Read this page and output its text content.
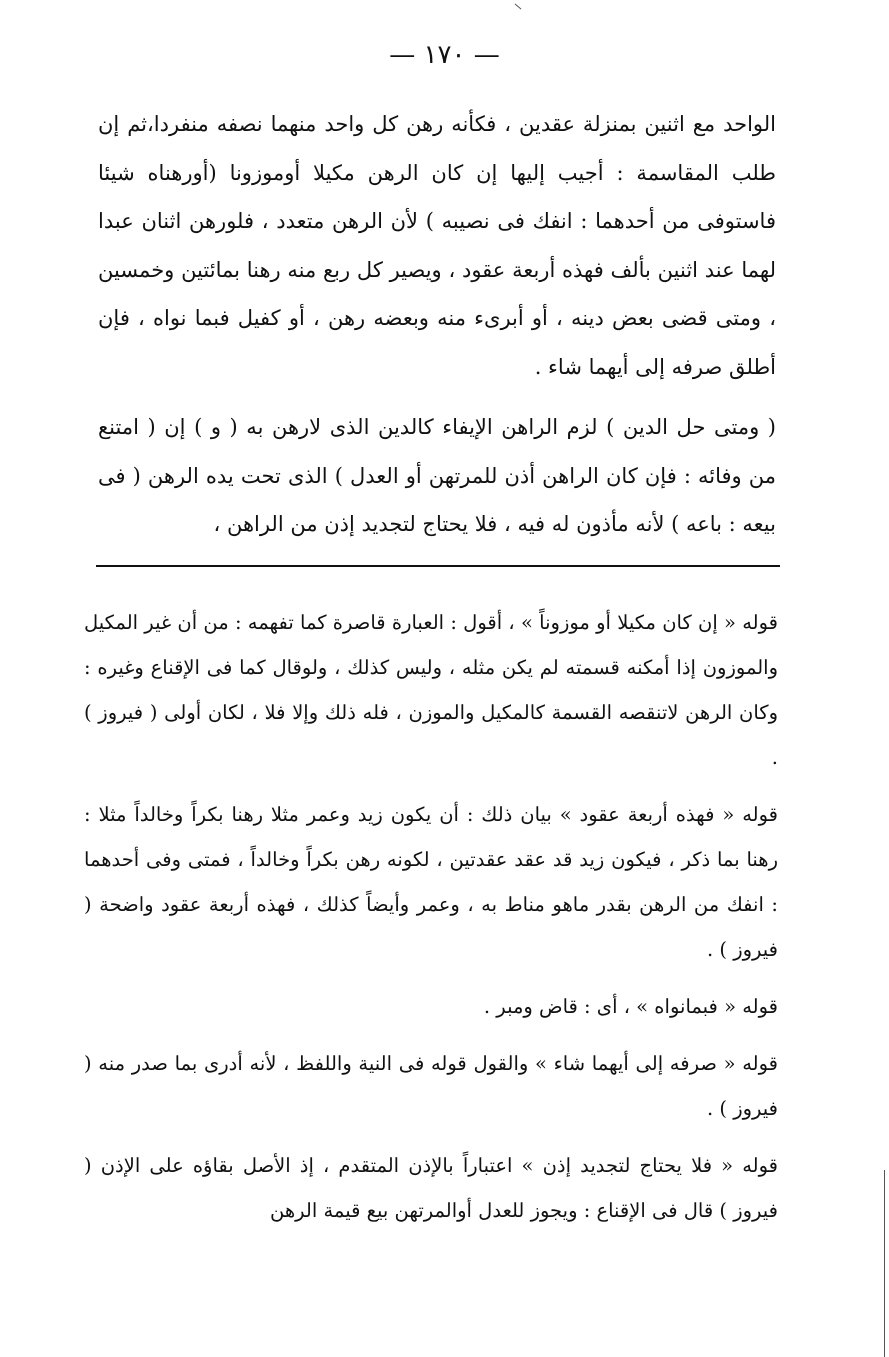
— ١٧٠ —

الواحد مع اثنين بمنزلة عقدين ، فكأنه رهن كل واحد منهما نصفه منفردا،ثم إن طلب المقاسمة : أجيب إليها إن كان الرهن مكيلا أوموزونا (أورهناه شيئا فاستوفى من أحدهما : انفك فى نصيبه ) لأن الرهن متعدد ، فلورهن اثنان عبدا لهما عند اثنين بألف فهذه أربعة عقود ، ويصير كل ربع منه رهنا بمائتين وخمسين ، ومتى قضى بعض دينه ، أو أبرىء منه وبعضه رهن ، أو كفيل فبما نواه ، فإن أطلق صرفه إلى أيهما شاء .

( ومتى حل الدين ) لزم الراهن الإيفاء كالدين الذى لارهن به ( و ) إن ( امتنع من وفائه : فإن كان الراهن أذن للمرتهن أو العدل ) الذى تحت يده الرهن ( فى بيعه : باعه ) لأنه مأذون له فيه ، فلا يحتاج لتجديد إذن من الراهن ،

قوله « إن كان مكيلا أو موزوناً » ، أقول : العبارة قاصرة كما تفهمه : من أن غير المكيل والموزون إذا أمكنه قسمته لم يكن مثله ، وليس كذلك ، ولوقال كما فى الإقناع وغيره : وكان الرهن لاتنقصه القسمة كالمكيل والموزن ، فله ذلك وإلا فلا ، لكان أولى ( فيروز ) .

قوله « فهذه أربعة عقود » بيان ذلك : أن يكون زيد وعمر مثلا رهنا بكراً وخالداً مثلا : رهنا بما ذكر ، فيكون زيد قد عقد عقدتين ، لكونه رهن بكراً وخالداً ، فمتى وفى أحدهما : انفك من الرهن بقدر ماهو مناط به ، وعمر وأيضاً كذلك ، فهذه أربعة عقود واضحة ( فيروز ) .

قوله « فبمانواه » ، أى : قاض ومبر .

قوله « صرفه إلى أيهما شاء » والقول قوله فى النية واللفظ ، لأنه أدرى بما صدر منه ( فيروز ) .

قوله « فلا يحتاج لتجديد إذن » اعتباراً بالإذن المتقدم ، إذ الأصل بقاؤه على الإذن ( فيروز ) قال فى الإقناع : ويجوز للعدل أوالمرتهن بيع قيمة الرهن
